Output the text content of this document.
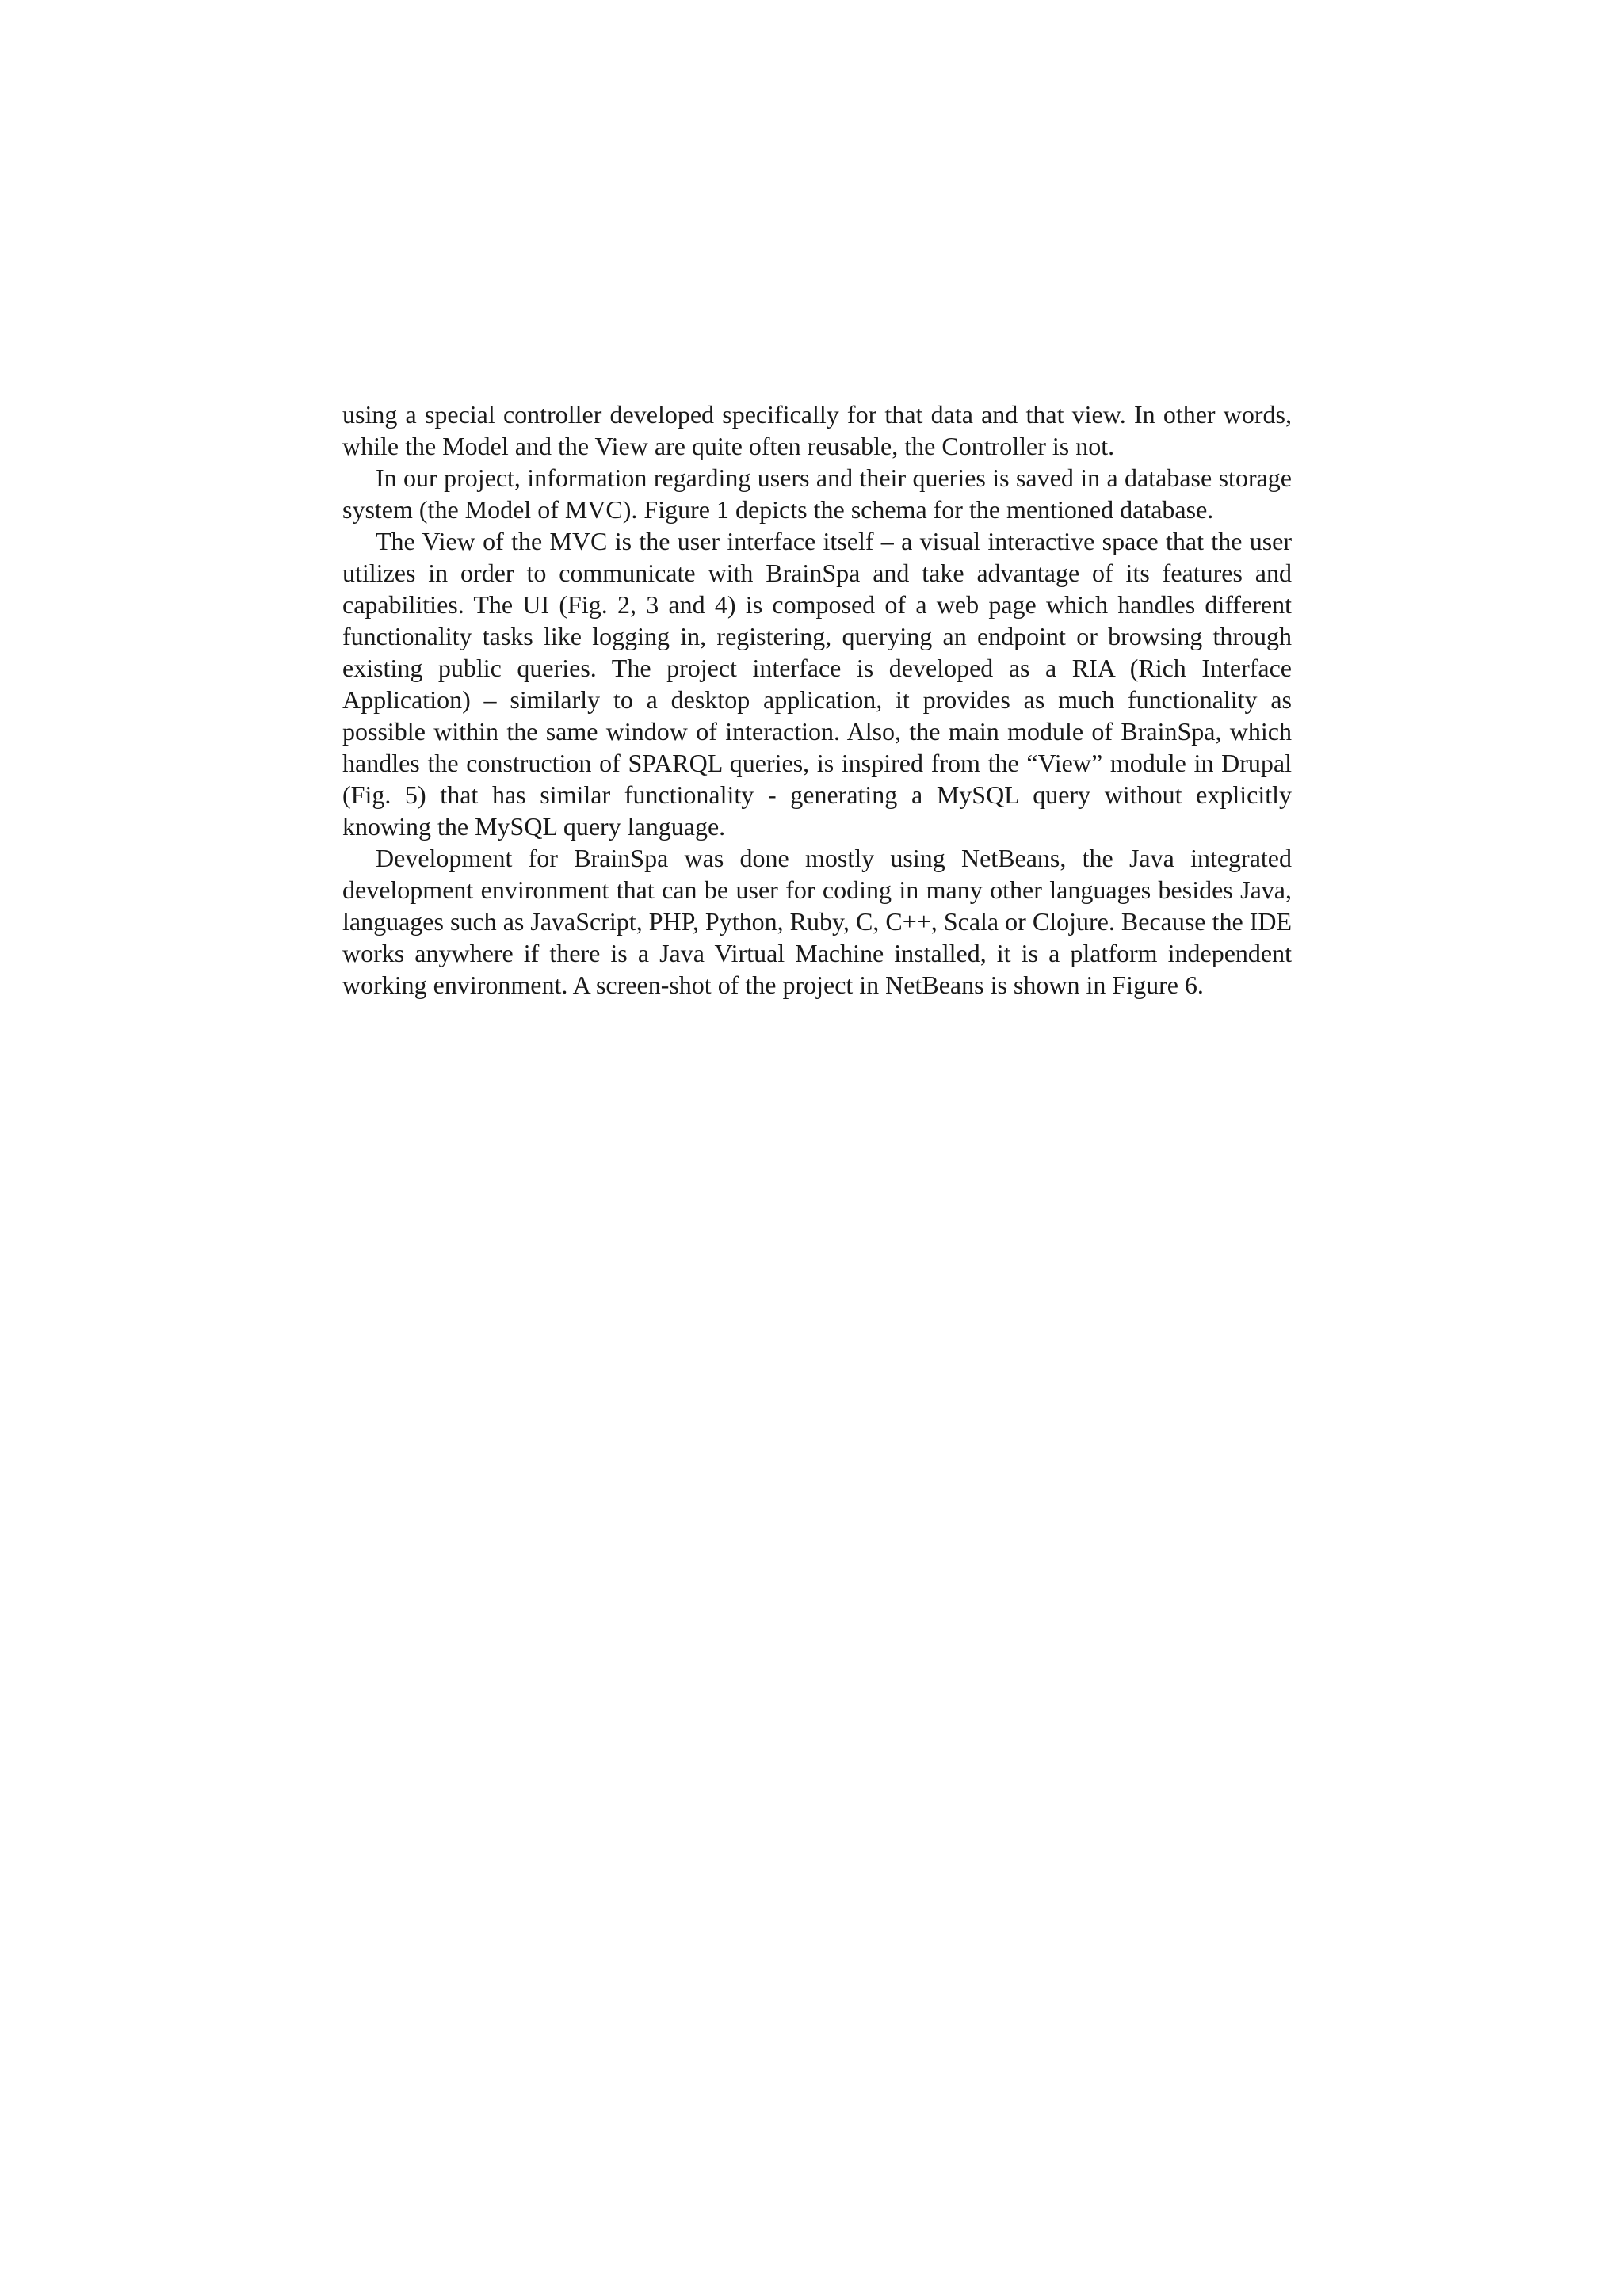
using a special controller developed specifically for that data and that view. In other words, while the Model and the View are quite often reusable, the Controller is not.

In our project, information regarding users and their queries is saved in a database storage system (the Model of MVC). Figure 1 depicts the schema for the mentioned database.

The View of the MVC is the user interface itself – a visual interactive space that the user utilizes in order to communicate with BrainSpa and take advantage of its features and capabilities. The UI (Fig. 2, 3 and 4) is composed of a web page which handles different functionality tasks like logging in, registering, querying an endpoint or browsing through existing public queries. The project interface is developed as a RIA (Rich Interface Application) – similarly to a desktop application, it provides as much functionality as possible within the same window of interaction. Also, the main module of BrainSpa, which handles the construction of SPARQL queries, is inspired from the “View” module in Drupal (Fig. 5) that has similar functionality - generating a MySQL query without explicitly knowing the MySQL query language.

Development for BrainSpa was done mostly using NetBeans, the Java integrated development environment that can be user for coding in many other languages besides Java, languages such as JavaScript, PHP, Python, Ruby, C, C++, Scala or Clojure. Because the IDE works anywhere if there is a Java Virtual Machine installed, it is a platform independent working environment. A screen-shot of the project in NetBeans is shown in Figure 6.
